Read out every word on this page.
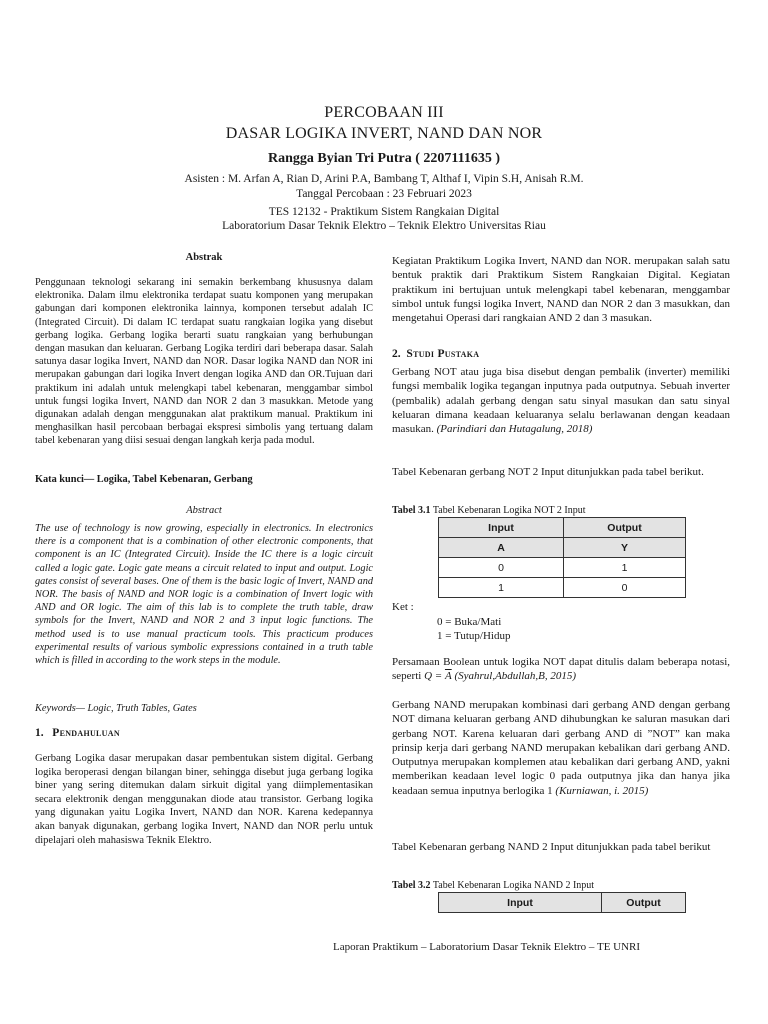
PERCOBAAN III
DASAR LOGIKA INVERT, NAND DAN NOR
Rangga Byian Tri Putra ( 2207111635 )
Asisten : M. Arfan A, Rian D, Arini P.A, Bambang T, Althaf I, Vipin S.H, Anisah R.M.
Tanggal Percobaan : 23 Februari 2023
TES 12132 - Praktikum Sistem Rangkaian Digital
Laboratorium Dasar Teknik Elektro – Teknik Elektro Universitas Riau
Abstrak
Penggunaan teknologi sekarang ini semakin berkembang khususnya dalam elektronika. Dalam ilmu elektronika terdapat suatu komponen yang merupakan gabungan dari komponen elektronika lainnya, komponen tersebut adalah IC (Integrated Circuit). Di dalam IC terdapat suatu rangkaian logika yang disebut gerbang logika. Gerbang logika berarti suatu rangkaian yang berhubungan dengan masukan dan keluaran. Gerbang Logika terdiri dari beberapa dasar. Salah satunya dasar logika Invert, NAND dan NOR. Dasar logika NAND dan NOR ini merupakan gabungan dari logika Invert dengan logika AND dan OR.Tujuan dari praktikum ini adalah untuk melengkapi tabel kebenaran, menggambar simbol untuk fungsi logika Invert, NAND dan NOR 2 dan 3 masukkan. Metode yang digunakan adalah dengan menggunakan alat praktikum manual. Praktikum ini menghasilkan hasil percobaan berbagai ekspresi simbolis yang tertuang dalam tabel kebenaran yang diisi sesuai dengan langkah kerja pada modul.
Kata kunci— Logika, Tabel Kebenaran, Gerbang
Abstract
The use of technology is now growing, especially in electronics. In electronics there is a component that is a combination of other electronic components, that component is an IC (Integrated Circuit). Inside the IC there is a logic circuit called a logic gate. Logic gate means a circuit related to input and output. Logic gates consist of several bases. One of them is the basic logic of Invert, NAND and NOR. The basis of NAND and NOR logic is a combination of Invert logic with AND and OR logic. The aim of this lab is to complete the truth table, draw symbols for the Invert, NAND and NOR 2 and 3 input logic functions. The method used is to use manual practicum tools. This practicum produces experimental results of various symbolic expressions contained in a truth table which is filled in according to the work steps in the module.
Keywords— Logic, Truth Tables, Gates
1. Pendahuluan
Gerbang Logika dasar merupakan dasar pembentukan sistem digital. Gerbang logika beroperasi dengan bilangan biner, sehingga disebut juga gerbang logika biner yang sering ditemukan dalam sirkuit digital yang diimplementasikan secara elektronik dengan menggunakan diode atau transistor. Gerbang logika yang digunakan yaitu Logika Invert, NAND dan NOR. Karena kedepannya akan banyak digunakan, gerbang logika Invert, NAND dan NOR perlu untuk dipelajari oleh mahasiswa Teknik Elektro.
Kegiatan Praktikum Logika Invert, NAND dan NOR. merupakan salah satu bentuk praktik dari Praktikum Sistem Rangkaian Digital. Kegiatan praktikum ini bertujuan untuk melengkapi tabel kebenaran, menggambar simbol untuk fungsi logika Invert, NAND dan NOR 2 dan 3 masukkan, dan mengetahui Operasi dari rangkaian AND 2 dan 3 masukan.
2. Studi Pustaka
Gerbang NOT atau juga bisa disebut dengan pembalik (inverter) memiliki fungsi membalik logika tegangan inputnya pada outputnya. Sebuah inverter (pembalik) adalah gerbang dengan satu sinyal masukan dan satu sinyal keluaran dimana keadaan keluaranya selalu berlawanan dengan keadaan masukan. (Parindiari dan Hutagalung, 2018)
Tabel Kebenaran gerbang NOT 2 Input ditunjukkan pada tabel berikut.
Tabel 3.1 Tabel Kebenaran Logika NOT 2 Input
Input	Output
A	Y
0	1
1	0
Ket :
0 = Buka/Mati
1 = Tutup/Hidup
Persamaan Boolean untuk logika NOT dapat ditulis dalam beberapa notasi, seperti $Q = \overline{A}$ (Syahrul,Abdullah,B, 2015)
Gerbang NAND merupakan kombinasi dari gerbang AND dengan gerbang NOT dimana keluaran gerbang AND dihubungkan ke saluran masukan dari gerbang NOT. Karena keluaran dari gerbang AND di ”NOT” kan maka prinsip kerja dari gerbang NAND merupakan kebalikan dari gerbang AND. Outputnya merupakan komplemen atau kebalikan dari gerbang AND, yakni memberikan keadaan level logic 0 pada outputnya jika dan hanya jika keadaan semua inputnya berlogika 1 (Kurniawan, i. 2015)
Tabel Kebenaran gerbang NAND 2 Input ditunjukkan pada tabel berikut
Tabel 3.2 Tabel Kebenaran Logika NAND 2 Input
Input	Output
Laporan Praktikum – Laboratorium Dasar Teknik Elektro – TE UNRI
